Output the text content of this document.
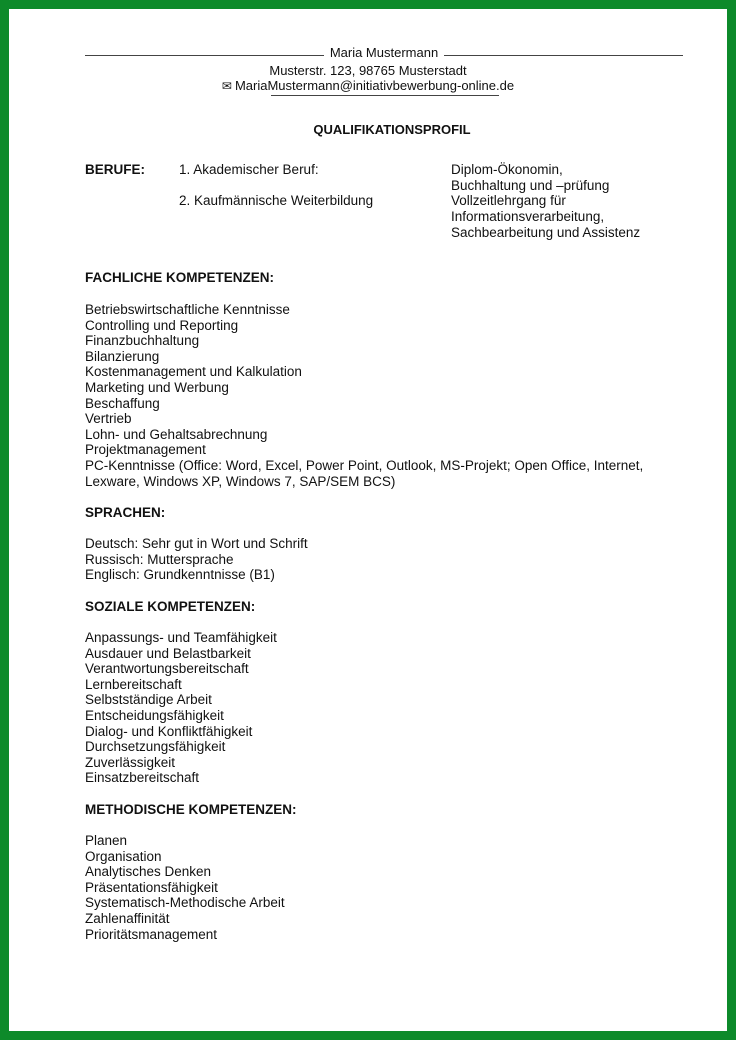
Maria Mustermann
Musterstr. 123, 98765 Musterstadt
✉ MariaMustermann@initiativbewerbung-online.de
QUALIFIKATIONSPROFIL
BERUFE:	1. Akademischer Beruf:
2. Kaufmännische Weiterbildung
Diplom-Ökonomin,
Buchhaltung und –prüfung
Vollzeitlehrgang für
Informationsverarbeitung,
Sachbearbeitung und Assistenz
FACHLICHE KOMPETENZEN:
Betriebswirtschaftliche Kenntnisse
Controlling und Reporting
Finanzbuchhaltung
Bilanzierung
Kostenmanagement und Kalkulation
Marketing und Werbung
Beschaffung
Vertrieb
Lohn- und Gehaltsabrechnung
Projektmanagement
PC-Kenntnisse (Office: Word, Excel, Power Point, Outlook, MS-Projekt; Open Office, Internet,
Lexware, Windows XP, Windows 7, SAP/SEM BCS)
SPRACHEN:
Deutsch: Sehr gut in Wort und Schrift
Russisch: Muttersprache
Englisch: Grundkenntnisse (B1)
SOZIALE KOMPETENZEN:
Anpassungs- und Teamfähigkeit
Ausdauer und Belastbarkeit
Verantwortungsbereitschaft
Lernbereitschaft
Selbstständige Arbeit
Entscheidungsfähigkeit
Dialog- und Konfliktfähigkeit
Durchsetzungsfähigkeit
Zuverlässigkeit
Einsatzbereitschaft
METHODISCHE KOMPETENZEN:
Planen
Organisation
Analytisches Denken
Präsentationsfähigkeit
Systematisch-Methodische Arbeit
Zahlenaffinität
Prioritätsmanagement
